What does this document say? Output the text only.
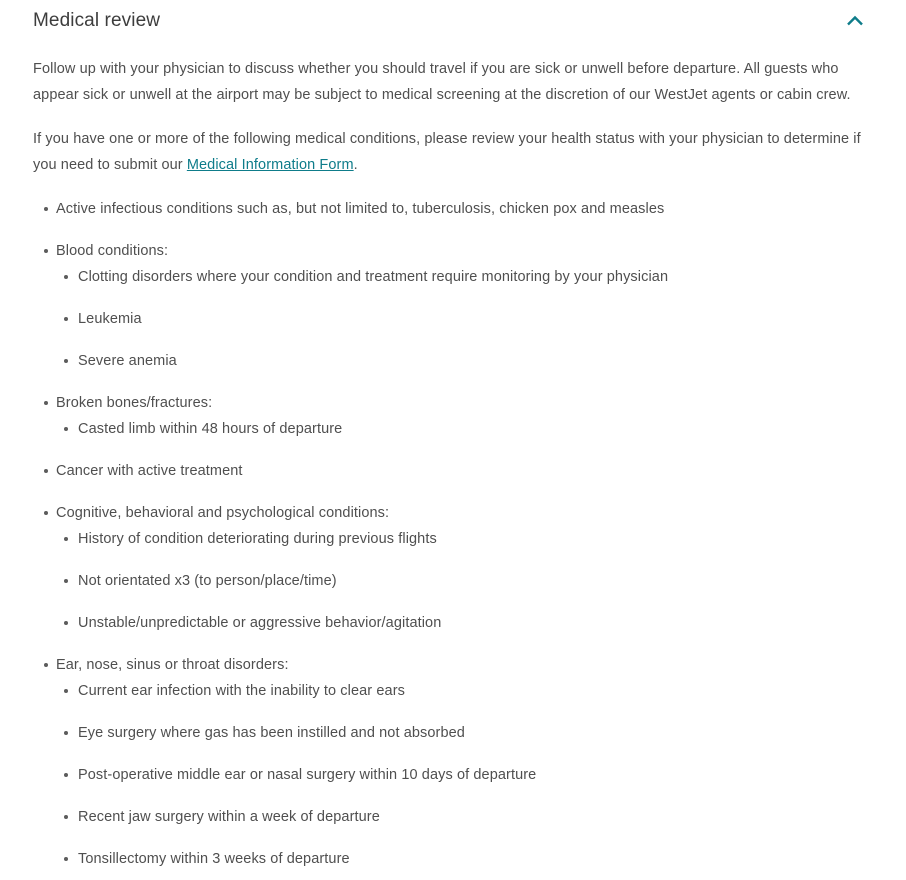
Medical review

Follow up with your physician to discuss whether you should travel if you are sick or unwell before departure. All guests who appear sick or unwell at the airport may be subject to medical screening at the discretion of our WestJet agents or cabin crew.

If you have one or more of the following medical conditions, please review your health status with your physician to determine if you need to submit our Medical Information Form.

Active infectious conditions such as, but not limited to, tuberculosis, chicken pox and measles
Blood conditions:
Clotting disorders where your condition and treatment require monitoring by your physician
Leukemia
Severe anemia
Broken bones/fractures:
Casted limb within 48 hours of departure
Cancer with active treatment
Cognitive, behavioral and psychological conditions:
History of condition deteriorating during previous flights
Not orientated x3 (to person/place/time)
Unstable/unpredictable or aggressive behavior/agitation
Ear, nose, sinus or throat disorders:
Current ear infection with the inability to clear ears
Eye surgery where gas has been instilled and not absorbed
Post-operative middle ear or nasal surgery within 10 days of departure
Recent jaw surgery within a week of departure
Tonsillectomy within 3 weeks of departure
